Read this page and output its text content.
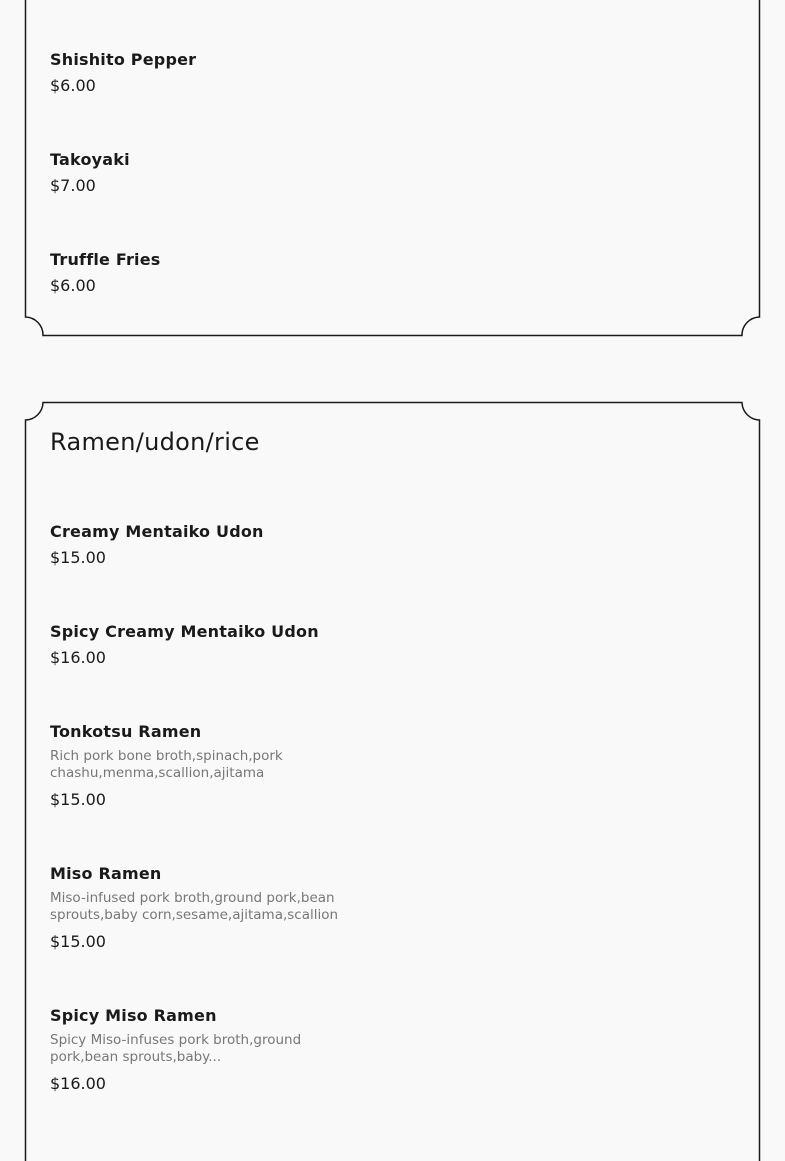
Shishito Pepper
$6.00
Takoyaki
$7.00
Truffle Fries
$6.00
Ramen/udon/rice
Creamy Mentaiko Udon
$15.00
Spicy Creamy Mentaiko Udon
$16.00
Tonkotsu Ramen
Rich pork bone broth,spinach,pork chashu,menma,scallion,ajitama
$15.00
Miso Ramen
Miso-infused pork broth,ground pork,bean sprouts,baby corn,sesame,ajitama,scallion
$15.00
Spicy Miso Ramen
Spicy Miso-infuses pork broth,ground pork,bean sprouts,baby...
$16.00
